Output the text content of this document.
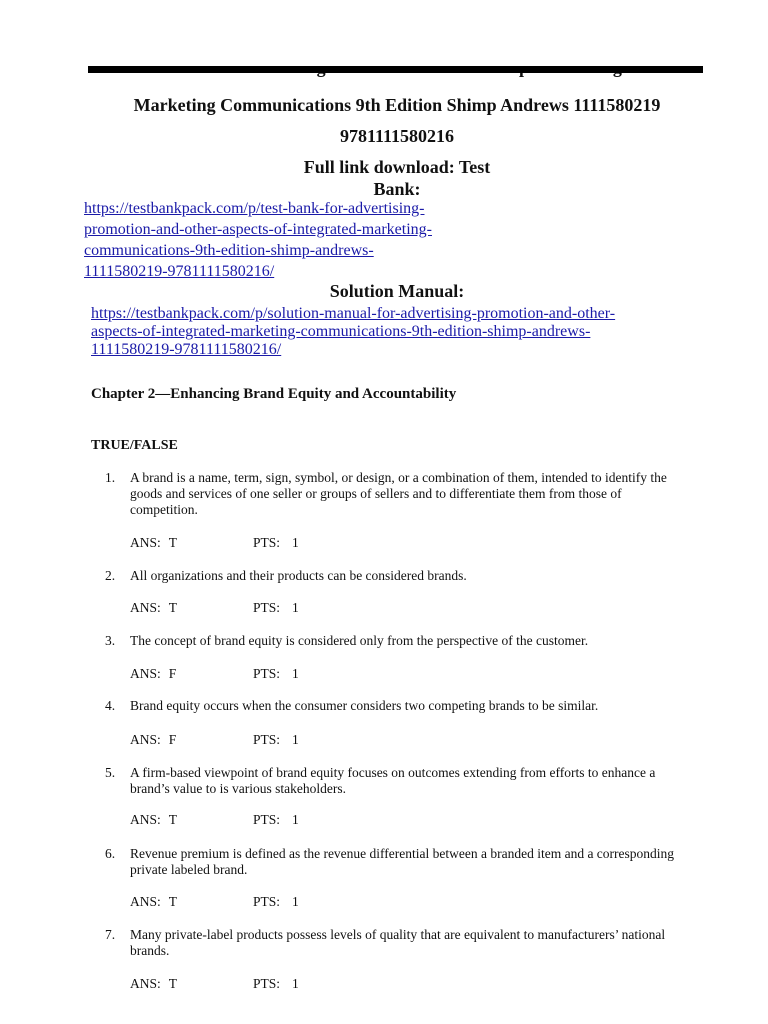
Marketing Communications 9th Edition Shimp Andrews 1111580219
9781111580216
Full link download: Test
Bank:
https://testbankpack.com/p/test-bank-for-advertising-
promotion-and-other-aspects-of-integrated-marketing-
communications-9th-edition-shimp-andrews-
1111580219-9781111580216/
Solution Manual:
https://testbankpack.com/p/solution-manual-for-advertising-promotion-and-other-
aspects-of-integrated-marketing-communications-9th-edition-shimp-andrews-
1111580219-9781111580216/
Chapter 2—Enhancing Brand Equity and Accountability
TRUE/FALSE
1. A brand is a name, term, sign, symbol, or design, or a combination of them, intended to identify the goods and services of one seller or groups of sellers and to differentiate them from those of competition.
ANS: T	PTS: 1
2. All organizations and their products can be considered brands.
ANS: T	PTS: 1
3. The concept of brand equity is considered only from the perspective of the customer.
ANS: F	PTS: 1
4. Brand equity occurs when the consumer considers two competing brands to be similar.
ANS: F	PTS: 1
5. A firm-based viewpoint of brand equity focuses on outcomes extending from efforts to enhance a brand’s value to is various stakeholders.
ANS: T	PTS: 1
6. Revenue premium is defined as the revenue differential between a branded item and a corresponding private labeled brand.
ANS: T	PTS: 1
7. Many private-label products possess levels of quality that are equivalent to manufacturers’ national brands.
ANS: T	PTS: 1
